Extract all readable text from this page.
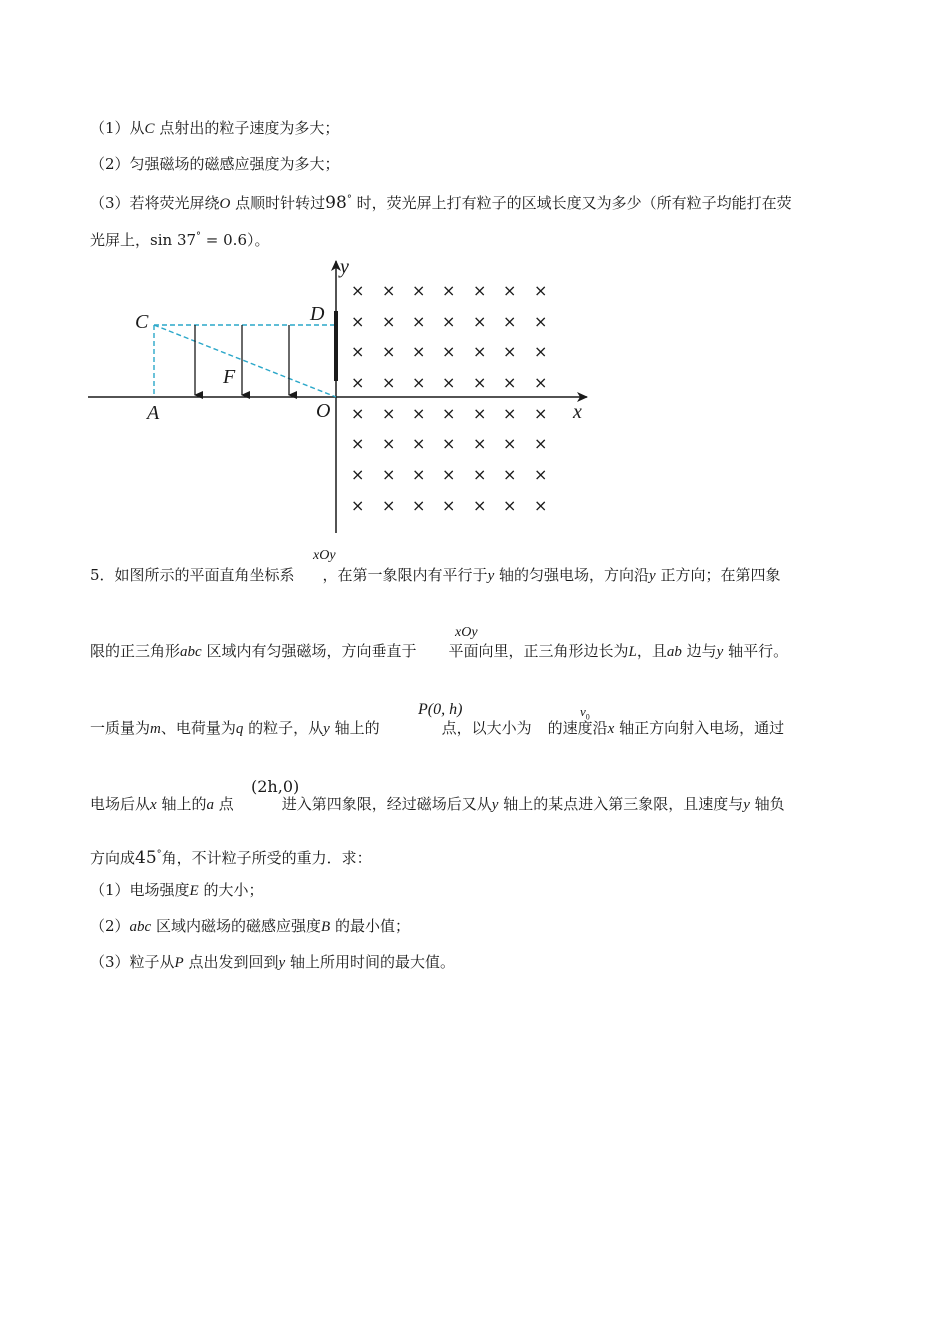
（1）从C 点射出的粒子速度为多大；
（2）匀强磁场的磁感应强度为多大；
（3）若将荧光屏绕O 点顺时针转过98° 时，荧光屏上打有粒子的区域长度又为多少（所有粒子均能打在荧
光屏上，sin 37° = 0.6）。
y
x
C	D
F
A	O
× × × × × × ×
× × × × × × ×
× × × × × × ×
× × × × × × ×
× × × × × × ×
× × × × × × ×
× × × × × × ×
× × × × × × ×
xOy
5．如图所示的平面直角坐标系 ，在第一象限内有平行于y 轴的匀强电场，方向沿y 正方向；在第四象
xOy
限的正三角形abc 区域内有匀强磁场，方向垂直于 平面向里，正三角形边长为L，且ab 边与y 轴平行。
P(0, h)	$v_0$
一质量为m、电荷量为q 的粒子，从y 轴上的	点，以大小为 的速度沿x 轴正方向射入电场，通过
(2h,0)
电场后从x 轴上的a 点	进入第四象限，经过磁场后又从y 轴上的某点进入第三象限，且速度与y 轴负
方向成45°角，不计粒子所受的重力．求：
（1）电场强度E 的大小；
（2）abc 区域内磁场的磁感应强度B 的最小值；
（3）粒子从P 点出发到回到y 轴上所用时间的最大值。
